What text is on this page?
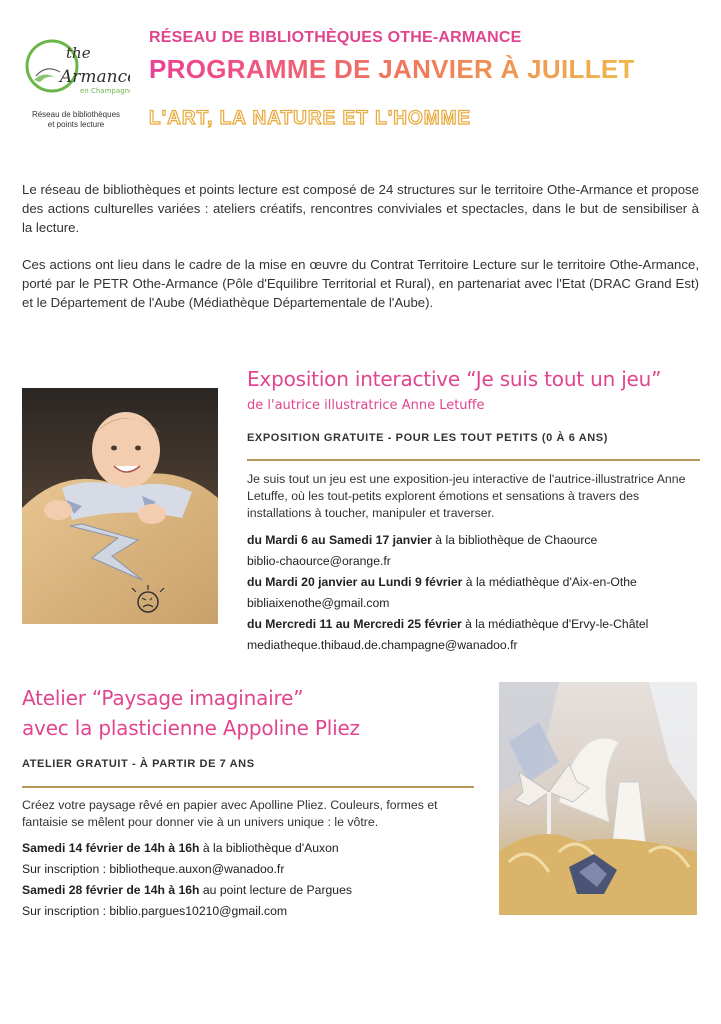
the
Armance
en Champagne
Réseau de bibliothèques
et points lecture
RÉSEAU DE BIBLIOTHÈQUES OTHE-ARMANCE
PROGRAMME DE JANVIER À JUILLET
L'ART, LA NATURE ET L'HOMME

Le réseau de bibliothèques et points lecture est composé de 24 structures sur le territoire Othe-Armance et propose des actions culturelles variées : ateliers créatifs, rencontres conviviales et spectacles, dans le but de sensibiliser à la lecture.

Ces actions ont lieu dans le cadre de la mise en œuvre du Contrat Territoire Lecture sur le territoire Othe-Armance, porté par le PETR Othe-Armance (Pôle d'Equilibre Territorial et Rural), en partenariat avec l'Etat (DRAC Grand Est) et le Département de l'Aube (Médiathèque Départementale de l'Aube).

Exposition interactive “Je suis tout un jeu”
de l'autrice illustratrice Anne Letuffe
EXPOSITION GRATUITE - POUR LES TOUT PETITS (0 À 6 ANS)
Je suis tout un jeu est une exposition-jeu interactive de l'autrice-illustratrice Anne Letuffe, où les tout-petits explorent émotions et sensations à travers des installations à toucher, manipuler et traverser.
du Mardi 6 au Samedi 17 janvier à la bibliothèque de Chaource
biblio-chaource@orange.fr
du Mardi 20 janvier au Lundi 9 février à la médiathèque d'Aix-en-Othe
bibliaixenothe@gmail.com
du Mercredi 11 au Mercredi 25 février à la médiathèque d'Ervy-le-Châtel
mediatheque.thibaud.de.champagne@wanadoo.fr
Atelier “Paysage imaginaire”
avec la plasticienne Appoline Pliez
ATELIER GRATUIT - À PARTIR DE 7 ANS
Créez votre paysage rêvé en papier avec Apolline Pliez. Couleurs, formes et fantaisie se mêlent pour donner vie à un univers unique : le vôtre.
Samedi 14 février de 14h à 16h à la bibliothèque d'Auxon
Sur inscription : bibliotheque.auxon@wanadoo.fr
Samedi 28 février de 14h à 16h au point lecture de Pargues
Sur inscription : biblio.pargues10210@gmail.com
